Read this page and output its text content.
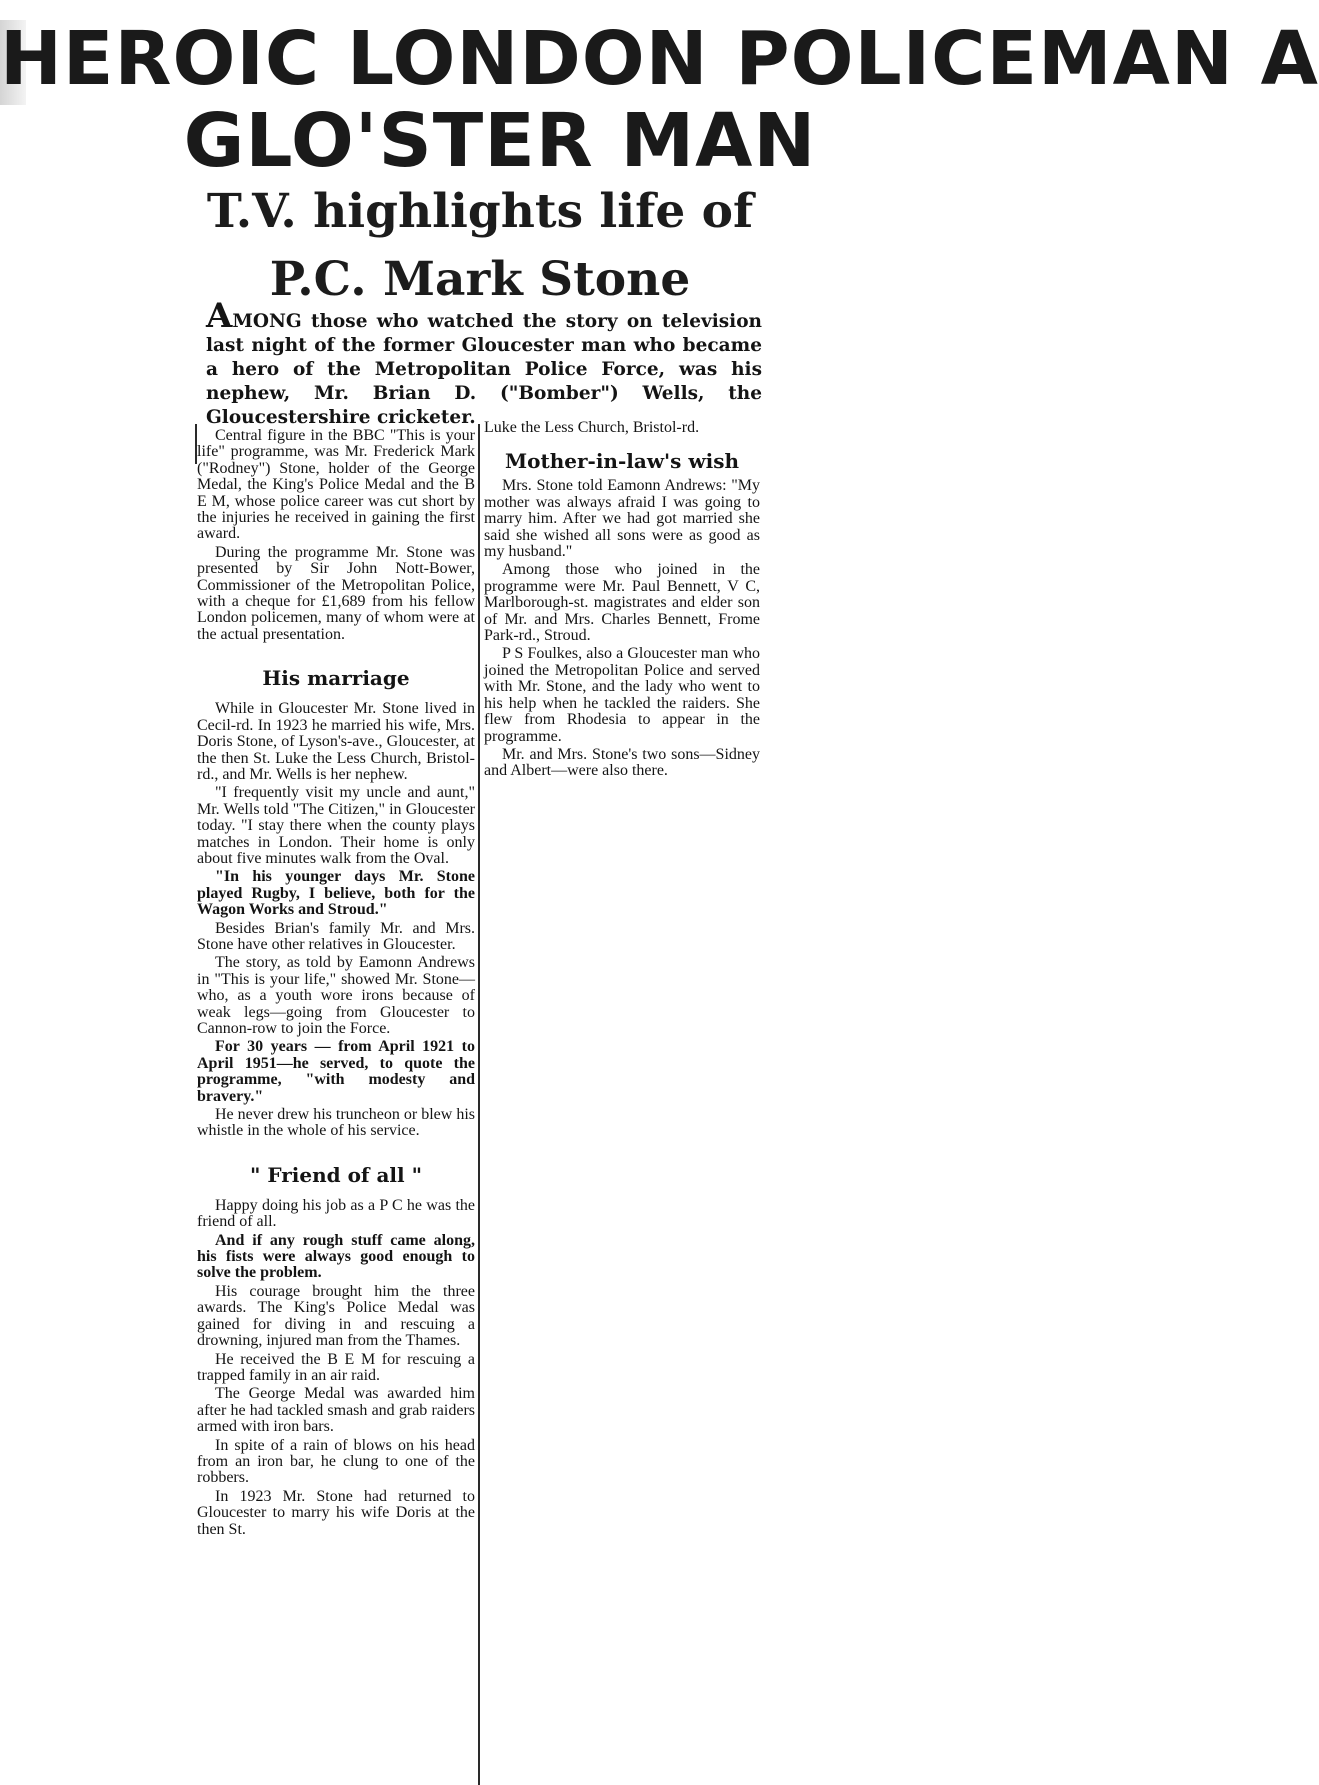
HEROIC LONDON POLICEMAN A
GLO'STER MAN
T.V. highlights life of
P.C. Mark Stone

AMONG those who watched the story on television last night of the former Gloucester man who became a hero of the Metropolitan Police Force, was his nephew, Mr. Brian D. ("Bomber") Wells, the Gloucestershire cricketer.

Central figure in the BBC "This is your life" programme, was Mr. Frederick Mark ("Rodney") Stone, holder of the George Medal, the King's Police Medal and the B E M, whose police career was cut short by the injuries he received in gaining the first award.

During the programme Mr. Stone was presented by Sir John Nott-Bower, Commissioner of the Metropolitan Police, with a cheque for £1,689 from his fellow London policemen, many of whom were at the actual presentation.

His marriage

While in Gloucester Mr. Stone lived in Cecil-rd. In 1923 he married his wife, Mrs. Doris Stone, of Lyson's-ave., Gloucester, at the then St. Luke the Less Church, Bristol-rd., and Mr. Wells is her nephew.

"I frequently visit my uncle and aunt," Mr. Wells told "The Citizen," in Gloucester today. "I stay there when the county plays matches in London. Their home is only about five minutes walk from the Oval.

"In his younger days Mr. Stone played Rugby, I believe, both for the Wagon Works and Stroud."

Besides Brian's family Mr. and Mrs. Stone have other relatives in Gloucester.

The story, as told by Eamonn Andrews in "This is your life," showed Mr. Stone—who, as a youth wore irons because of weak legs—going from Gloucester to Cannon-row to join the Force.

For 30 years — from April 1921 to April 1951—he served, to quote the programme, "with modesty and bravery."

He never drew his truncheon or blew his whistle in the whole of his service.

" Friend of all "

Happy doing his job as a P C he was the friend of all.

And if any rough stuff came along, his fists were always good enough to solve the problem.

His courage brought him the three awards. The King's Police Medal was gained for diving in and rescuing a drowning, injured man from the Thames.

He received the B E M for rescuing a trapped family in an air raid.

The George Medal was awarded him after he had tackled smash and grab raiders armed with iron bars.

In spite of a rain of blows on his head from an iron bar, he clung to one of the robbers.

In 1923 Mr. Stone had returned to Gloucester to marry his wife Doris at the then St.

Luke the Less Church, Bristol-rd.

Mother-in-law's wish

Mrs. Stone told Eamonn Andrews: "My mother was always afraid I was going to marry him. After we had got married she said she wished all sons were as good as my husband."

Among those who joined in the programme were Mr. Paul Bennett, V C, Marlborough-st. magistrates and elder son of Mr. and Mrs. Charles Bennett, Frome Park-rd., Stroud.

P S Foulkes, also a Gloucester man who joined the Metropolitan Police and served with Mr. Stone, and the lady who went to his help when he tackled the raiders. She flew from Rhodesia to appear in the programme.

Mr. and Mrs. Stone's two sons—Sidney and Albert—were also there.
